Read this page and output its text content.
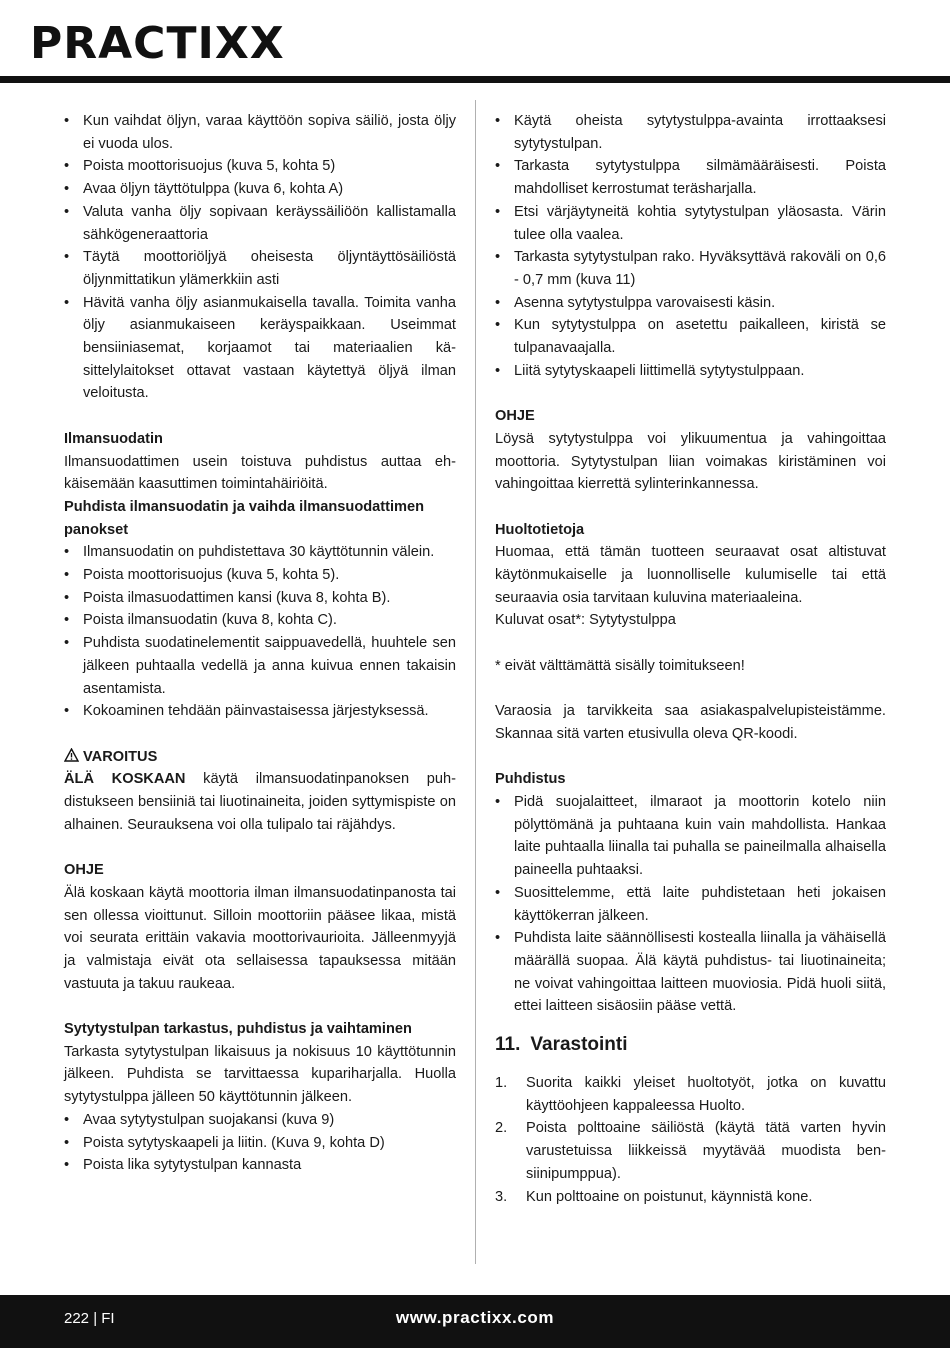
PRACTIXX
• Kun vaihdat öljyn, varaa käyttöön sopiva säiliö, josta öljy ei vuoda ulos.
• Poista moottorisuojus (kuva 5, kohta 5)
• Avaa öljyn täyttötulppa (kuva 6, kohta A)
• Valuta vanha öljy sopivaan keräyssäiliöön kallistamalla sähkögeneraattoria
• Täytä moottoriöljyä oheisesta öljyntäyttösäiliöstä öljynmittatikun ylämerkkiin asti
• Hävitä vanha öljy asianmukaisella tavalla. Toimita vanha öljy asianmukaiseen keräyspaikkaan. Useimmat bensiiniasemat, korjaamot tai materiaalien käsittelylaitokset ottavat vastaan käytettyä öljyä ilman veloitusta.

Ilmansuodatin

Ilmansuodattimen usein toistuva puhdistus auttaa ehkäisemään kaasuttimen toimintahäiriöitä.

Puhdista ilmansuodatin ja vaihda ilmansuodattimen panokset

• Ilmansuodatin on puhdistettava 30 käyttötunnin välein.
• Poista moottorisuojus (kuva 5, kohta 5).
• Poista ilmasuodattimen kansi (kuva 8, kohta B).
• Poista ilmansuodatin (kuva 8, kohta C).
• Puhdista suodatinelementit saippuavedellä, huuhtele sen jälkeen puhtaalla vedellä ja anna kuivua ennen takaisin asentamista.
• Kokoaminen tehdään päinvastaisessa järjestyksessä.

VAROITUS

ÄLÄ KOSKAAN käytä ilmansuodatinpanoksen puhdistukseen bensiiniä tai liuotinaineita, joiden syttymispiste on alhainen. Seurauksena voi olla tulipalo tai räjähdys.

OHJE

Älä koskaan käytä moottoria ilman ilmansuodatinpanosta tai sen ollessa vioittunut. Silloin moottoriin pääsee likaa, mistä voi seurata erittäin vakavia moottorivaurioita. Jälleenmyyjä ja valmistaja eivät ota sellaisessa tapauksessa mitään vastuuta ja takuu raukeaa.

Sytytystulpan tarkastus, puhdistus ja vaihtaminen

Tarkasta sytytystulpan likaisuus ja nokisuus 10 käyttötunnin jälkeen. Puhdista se tarvittaessa kupariharjalla. Huolla sytytystulppa jälleen 50 käyttötunnin jälkeen.

• Avaa sytytystulpan suojakansi (kuva 9)
• Poista sytytyskaapeli ja liitin. (Kuva 9, kohta D)
• Poista lika sytytystulpan kannasta
• Käytä oheista sytytystulppa-avainta irrottaaksesi sytytystulpan.
• Tarkasta sytytystulppa silmämääräisesti. Poista mahdolliset kerrostumat teräsharjalla.
• Etsi värjäytyneitä kohtia sytytystulpan yläosasta. Värin tulee olla vaalea.
• Tarkasta sytytystulpan rako. Hyväksyttävä rakoväli on 0,6 - 0,7 mm (kuva 11)
• Asenna sytytystulppa varovaisesti käsin.
• Kun sytytystulppa on asetettu paikalleen, kiristä se tulpanavaajalla.
• Liitä sytytyskaapeli liittimellä sytytystulppaan.

OHJE

Löysä sytytystulppa voi ylikuumentua ja vahingoittaa moottoria. Sytytystulpan liian voimakas kiristäminen voi vahingoittaa kierrettä sylinterinkannessa.

Huoltotietoja

Huomaa, että tämän tuotteen seuraavat osat altistuvat käytönmukaiselle ja luonnolliselle kulumiselle tai että seuraavia osia tarvitaan kuluvina materiaaleina.

Kuluvat osat*: Sytytystulppa

* eivät välttämättä sisälly toimitukseen!

Varaosia ja tarvikkeita saa asiakaspalvelupisteistämme. Skannaa sitä varten etusivulla oleva QR-koodi.

Puhdistus

• Pidä suojalaitteet, ilmaraot ja moottorin kotelo niin pölyttömänä ja puhtaana kuin vain mahdollista. Hankaa laite puhtaalla liinalla tai puhalla se paineilmalla alhaisella paineella puhtaaksi.
• Suosittelemme, että laite puhdistetaan heti jokaisen käyttökerran jälkeen.
• Puhdista laite säännöllisesti kostealla liinalla ja vähäisellä määrällä suopaa. Älä käytä puhdistus- tai liuotinaineita; ne voivat vahingoittaa laitteen muoviosia. Pidä huoli siitä, ettei laitteen sisäosiin pääse vettä.
11. Varastointi
1. Suorita kaikki yleiset huoltotyöt, jotka on kuvattu käyttöohjeen kappaleessa Huolto.
2. Poista polttoaine säiliöstä (käytä tätä varten hyvin varustetuissa liikkeissä myytävää muodista bensiinipumppua).
3. Kun polttoaine on poistunut, käynnistä kone.
222 | FI	www.practixx.com
